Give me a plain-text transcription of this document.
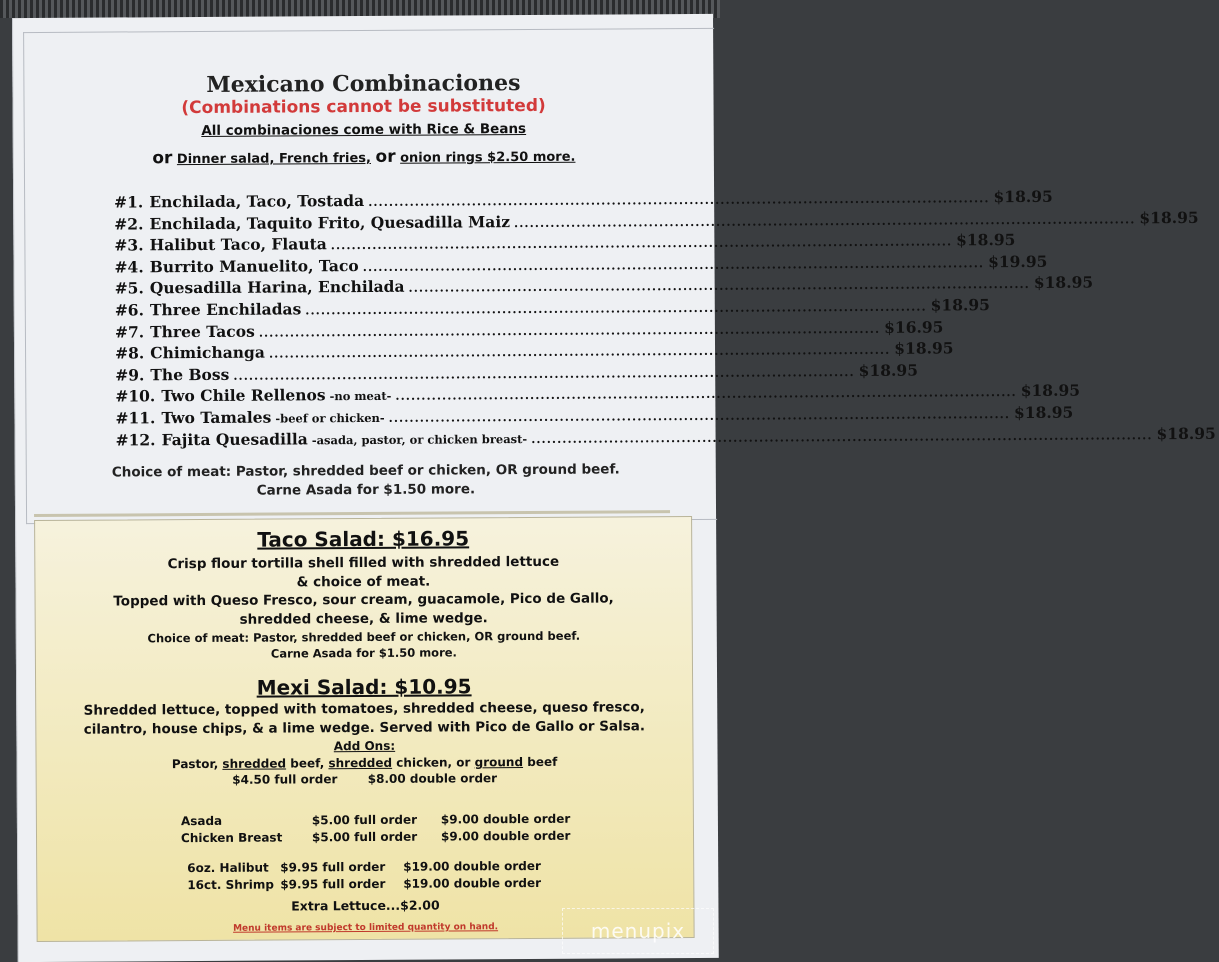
Mexicano Combinaciones
(Combinations cannot be substituted)
All combinaciones come with Rice & Beans
or Dinner salad, French fries, or onion rings $2.50 more.
#1. Enchilada, Taco, Tostada ........................................................................................................................ $18.95
#2. Enchilada, Taquito Frito, Quesadilla Maiz ........................................................................................................................ $18.95
#3. Halibut Taco, Flauta ........................................................................................................................ $18.95
#4. Burrito Manuelito, Taco ........................................................................................................................ $19.95
#5. Quesadilla Harina, Enchilada ........................................................................................................................ $18.95
#6. Three Enchiladas ........................................................................................................................ $18.95
#7. Three Tacos ........................................................................................................................ $16.95
#8. Chimichanga ........................................................................................................................ $18.95
#9. The Boss ........................................................................................................................ $18.95
#10. Two Chile Rellenos -no meat- ........................................................................................................................ $18.95
#11. Two Tamales -beef or chicken- ........................................................................................................................ $18.95
#12. Fajita Quesadilla -asada, pastor, or chicken breast- ........................................................................................................................ $18.95
Choice of meat: Pastor, shredded beef or chicken, OR ground beef.
Carne Asada for $1.50 more.
Taco Salad: $16.95
Crisp flour tortilla shell filled with shredded lettuce
& choice of meat.
Topped with Queso Fresco, sour cream, guacamole, Pico de Gallo,
shredded cheese, & lime wedge.
Choice of meat: Pastor, shredded beef or chicken, OR ground beef.
Carne Asada for $1.50 more.
Mexi Salad: $10.95
Shredded lettuce, topped with tomatoes, shredded cheese, queso fresco,
cilantro, house chips, & a lime wedge. Served with Pico de Gallo or Salsa.
Add Ons:
Pastor, shredded beef, shredded chicken, or ground beef
$4.50 full order	$8.00 double order
Asada	$5.00 full order	$9.00 double order
Chicken Breast	$5.00 full order	$9.00 double order
6oz. Halibut $9.95 full order	$19.00 double order
16ct. Shrimp $9.95 full order	$19.00 double order
Extra Lettuce...$2.00
Menu items are subject to limited quantity on hand.	menupix
